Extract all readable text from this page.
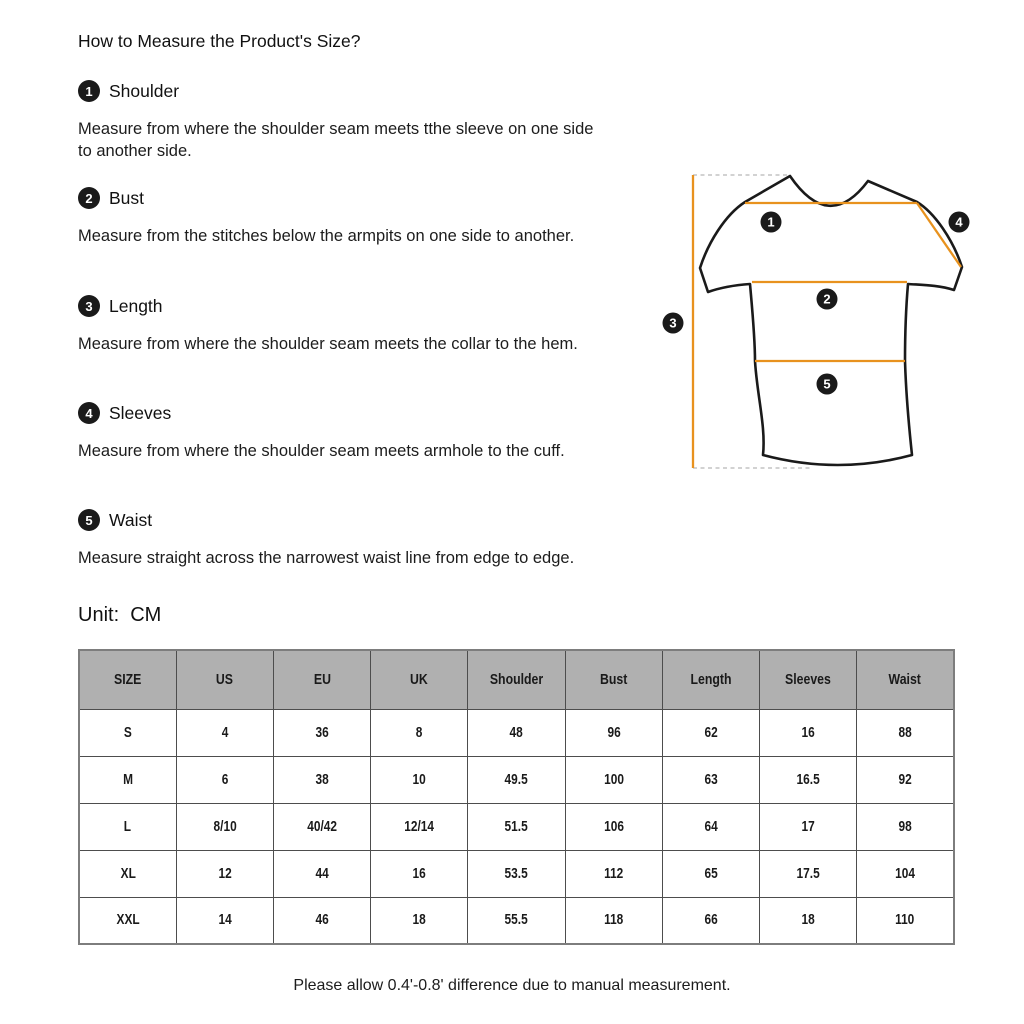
How to Measure the Product's Size?
1 Shoulder
Measure from where the shoulder seam meets tthe sleeve on one side to another side.
2 Bust
Measure from the stitches below the armpits on one side to another.
3 Length
Measure from where the shoulder seam meets the collar to the hem.
4 Sleeves
Measure from where the shoulder seam meets armhole to the cuff.
5 Waist
Measure straight across the narrowest waist line from edge to edge.
Unit:  CM
SIZE	US	EU	UK	Shoulder	Bust	Length	Sleeves	Waist
S	4	36	8	48	96	62	16	88
M	6	38	10	49.5	100	63	16.5	92
L	8/10	40/42	12/14	51.5	106	64	17	98
XL	12	44	16	53.5	112	65	17.5	104
XXL	14	46	18	55.5	118	66	18	110
Please allow 0.4'-0.8' difference due to manual measurement.
1
2
3
4
5
